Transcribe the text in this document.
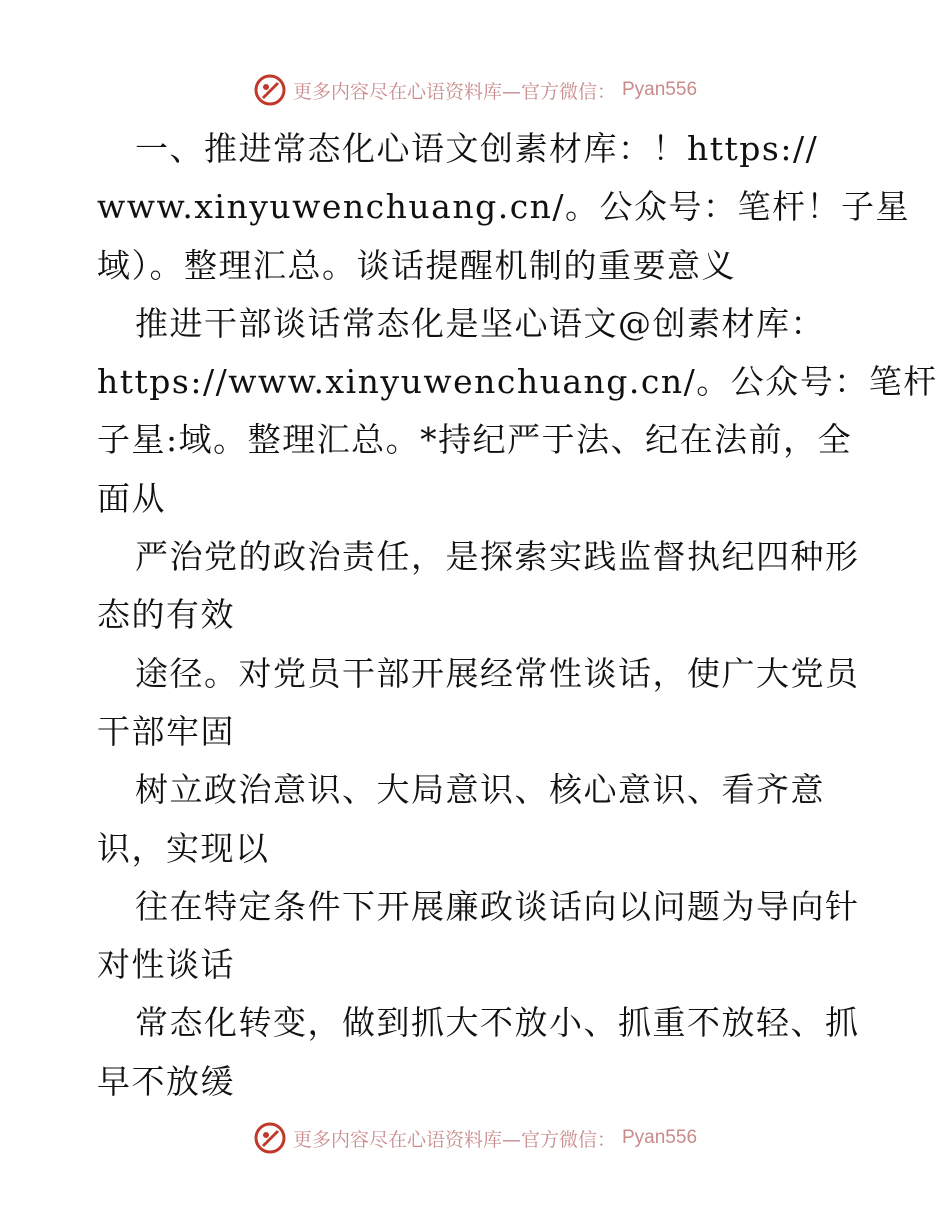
更多内容尽在心语资料库—官方微信： Pyan556
一、推进常态化心语文创素材库：！https://
www.xinyuwenchuang.cn/。公众号：笔杆！子星
域）。整理汇总。谈话提醒机制的重要意义
推进干部谈话常态化是坚心语文@创素材库：
https://www.xinyuwenchuang.cn/。公众号：笔杆
子星:域。整理汇总。*持纪严于法、纪在法前，全
面从
严治党的政治责任，是探索实践监督执纪四种形
态的有效
途径。对党员干部开展经常性谈话，使广大党员
干部牢固
树立政治意识、大局意识、核心意识、看齐意
识，实现以
往在特定条件下开展廉政谈话向以问题为导向针
对性谈话
常态化转变，做到抓大不放小、抓重不放轻、抓
早不放缓
更多内容尽在心语资料库—官方微信： Pyan556
